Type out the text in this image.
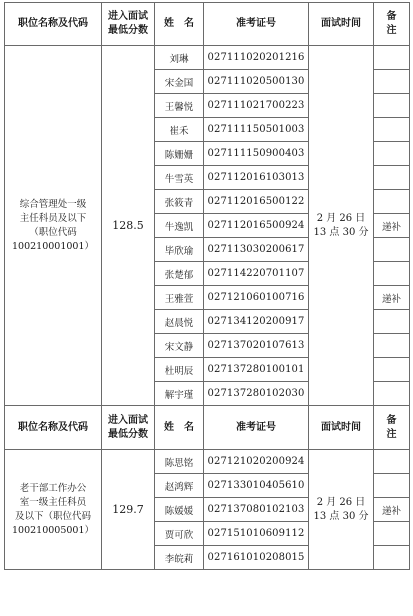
职位名称及代码	进入面试
最低分数	姓　名	准考证号	面试时间	备
注

综合管理处一级
主任科员及以下
（职位代码
100210001001）	128.5	刘琳	027111020201216	2 月 26 日
13 点 30 分	

		宋金国	027111020500130		
		王馨悦	027111021700223		
		崔禾	027111150501003		
		陈姗姗	027111150900403		
		牛雪英	027112016103013		
		张筱青	027112016500122		
		牛逸凯	027112016500924		递补
		毕欣瑜	027113030200617		
		张楚郁	027114220701107		
		王雅萱	027121060100716		递补
		赵晨悦	027134120200917		
		宋文静	027137020107613		
		杜明辰	027137280100101		
		解宇瑾	027137280102030		
职位名称及代码	进入面试
最低分数	姓　名	准考证号	面试时间	备
注

老干部工作办公
室一级主任科员
及以下（职位代码
100210005001）	129.7	陈思铭	027121020200924	2 月 26 日
13 点 30 分	

		赵鸿辉	027133010405610		
		陈媛媛	027137080102103		递补
		贾可欣	027151010609112		
		李皖莉	027161010208015		
